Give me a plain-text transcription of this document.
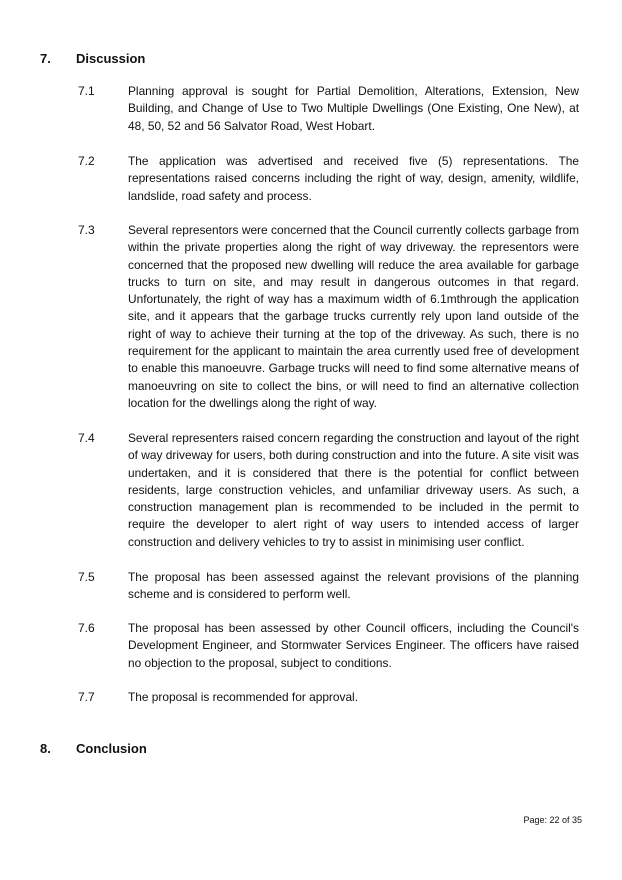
7. Discussion
7.1	Planning approval is sought for Partial Demolition, Alterations, Extension, New Building, and Change of Use to Two Multiple Dwellings (One Existing, One New), at 48, 50, 52 and 56 Salvator Road, West Hobart.
7.2	The application was advertised and received five (5) representations. The representations raised concerns including the right of way, design, amenity, wildlife, landslide, road safety and process.
7.3	Several representors were concerned that the Council currently collects garbage from within the private properties along the right of way driveway. the representors were concerned that the proposed new dwelling will reduce the area available for garbage trucks to turn on site, and may result in dangerous outcomes in that regard. Unfortunately, the right of way has a maximum width of 6.1mthrough the application site, and it appears that the garbage trucks currently rely upon land outside of the right of way to achieve their turning at the top of the driveway. As such, there is no requirement for the applicant to maintain the area currently used free of development to enable this manoeuvre. Garbage trucks will need to find some alternative means of manoeuvring on site to collect the bins, or will need to find an alternative collection location for the dwellings along the right of way.
7.4	Several representers raised concern regarding the construction and layout of the right of way driveway for users, both during construction and into the future. A site visit was undertaken, and it is considered that there is the potential for conflict between residents, large construction vehicles, and unfamiliar driveway users. As such, a construction management plan is recommended to be included in the permit to require the developer to alert right of way users to intended access of larger construction and delivery vehicles to try to assist in minimising user conflict.
7.5	The proposal has been assessed against the relevant provisions of the planning scheme and is considered to perform well.
7.6	The proposal has been assessed by other Council officers, including the Council's Development Engineer, and Stormwater Services Engineer. The officers have raised no objection to the proposal, subject to conditions.
7.7	The proposal is recommended for approval.
8. Conclusion
Page: 22 of 35
